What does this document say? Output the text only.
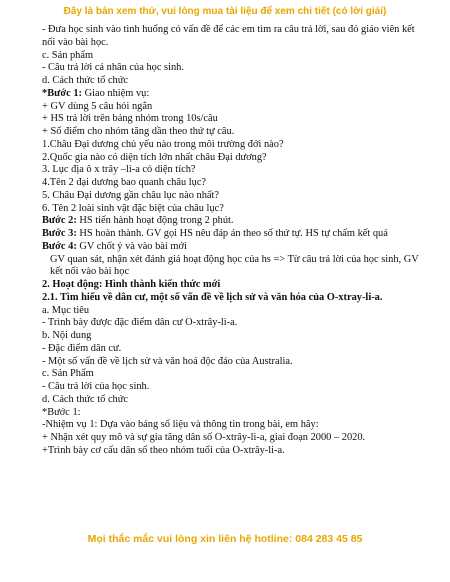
Đây là bản xem thử, vui lòng mua tài liệu để xem chi tiết (có lời giải)
- Đưa học sinh vào tình huống có vấn đề để các em tìm ra câu trả lời, sau đó giáo viên kết nối vào bài học.
c. Sản phẩm
- Câu trả lời cá nhân của học sinh.
d. Cách thức tổ chức
*Bước 1: Giao nhiệm vụ:
+ GV dùng 5 câu hỏi ngắn
+ HS trả lời trên bảng nhóm trong 10s/câu
+ Số điểm cho nhóm tăng dần theo thứ tự câu.
1.Châu Đại dương chủ yếu nào trong môi trường đới nào?
2.Quốc gia nào có diện tích lớn nhất châu Đại dương?
3. Lục địa ô x trây –li-a có diện tích?
4.Tên 2 đại dương bao quanh châu lục?
5. Châu Đại dương gần châu lục nào nhất?
6. Tên 2 loài sinh vật đặc biệt của châu lục?
Bước 2: HS tiến hành hoạt động trong 2 phút.
Bước 3: HS hoàn thành. GV gọi HS nêu đáp án theo số thứ tự. HS tự chấm kết quả
Bước 4: GV chốt ý và vào bài mới
GV quan sát, nhận xét đánh giá hoạt động học của hs => Từ câu trả lời của học sinh, GV kết nối vào bài học
2. Hoạt động: Hình thành kiến thức mới
2.1. Tìm hiểu về dân cư, một số vấn đề về lịch sử và văn hóa của Ô-xtray-li-a.
a. Mục tiêu
- Trình bày được đặc điểm dân cư Ô-xtrây-li-a.
b. Nội dung
- Đặc điểm dân cư.
- Một số vấn đề về lịch sử và văn hoá độc đáo của Australia.
c. Sản Phẩm
- Câu trả lời của học sinh.
d. Cách thức tổ chức
*Bước 1:
-Nhiệm vụ 1: Dựa vào bảng số liệu và thông tin trong bài, em hãy:
+ Nhận xét quy mô và sự gia tăng dân số Ô-xtrây-li-a, giai đoạn 2000 – 2020.
+Trình bày cơ cấu dân số theo nhóm tuổi của Ô-xtrây-li-a.
Mọi thắc mắc vui lòng xin liên hệ hotline: 084 283 45 85
